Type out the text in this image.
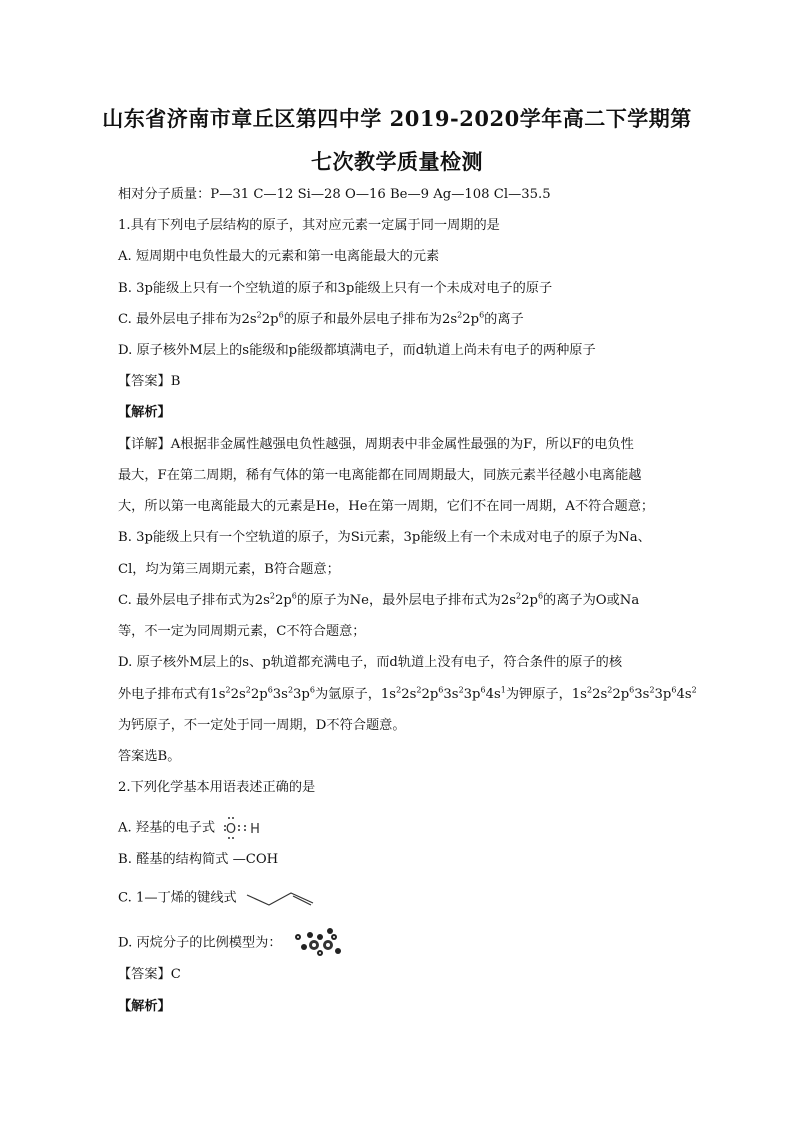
山东省济南市章丘区第四中学 2019-2020学年高二下学期第
七次教学质量检测
相对分子质量：P—31 C—12 Si—28 O—16 Be—9 Ag—108 Cl—35.5
1.具有下列电子层结构的原子，其对应元素一定属于同一周期的是
A. 短周期中电负性最大的元素和第一电离能最大的元素
B. 3p能级上只有一个空轨道的原子和3p能级上只有一个未成对电子的原子
C. 最外层电子排布为$2s^22p^6$的原子和最外层电子排布为$2s^22p^6$的离子
D. 原子核外M层上的s能级和p能级都填满电子，而d轨道上尚未有电子的两种原子
【答案】B
【解析】
【详解】A根据非金属性越强电负性越强，周期表中非金属性最强的为F，所以F的电负性
最大，F在第二周期，稀有气体的第一电离能都在同周期最大，同族元素半径越小电离能越
大，所以第一电离能最大的元素是He，He在第一周期，它们不在同一周期，A不符合题意；
B. 3p能级上只有一个空轨道的原子，为Si元素，3p能级上有一个未成对电子的原子为Na、
Cl，均为第三周期元素，B符合题意；
C. 最外层电子排布式为$2s^22p^6$的原子为Ne，最外层电子排布式为$2s^22p^6$的离子为O或Na
等，不一定为同周期元素，C不符合题意；
D. 原子核外M层上的s、p轨道都充满电子，而d轨道上没有电子，符合条件的原子的核
外电子排布式有$1s^22s^22p^63s^23p^6$为氩原子，$1s^22s^22p^63s^23p^64s^1$为钾原子，$1s^22s^22p^63s^23p^64s^2$
为钙原子，不一定处于同一周期，D不符合题意。
答案选B。
2.下列化学基本用语表述正确的是
A. 羟基的电子式 O H
B. 醛基的结构简式 —COH
C. 1—丁烯的键线式
D. 丙烷分子的比例模型为：
【答案】C
【解析】
